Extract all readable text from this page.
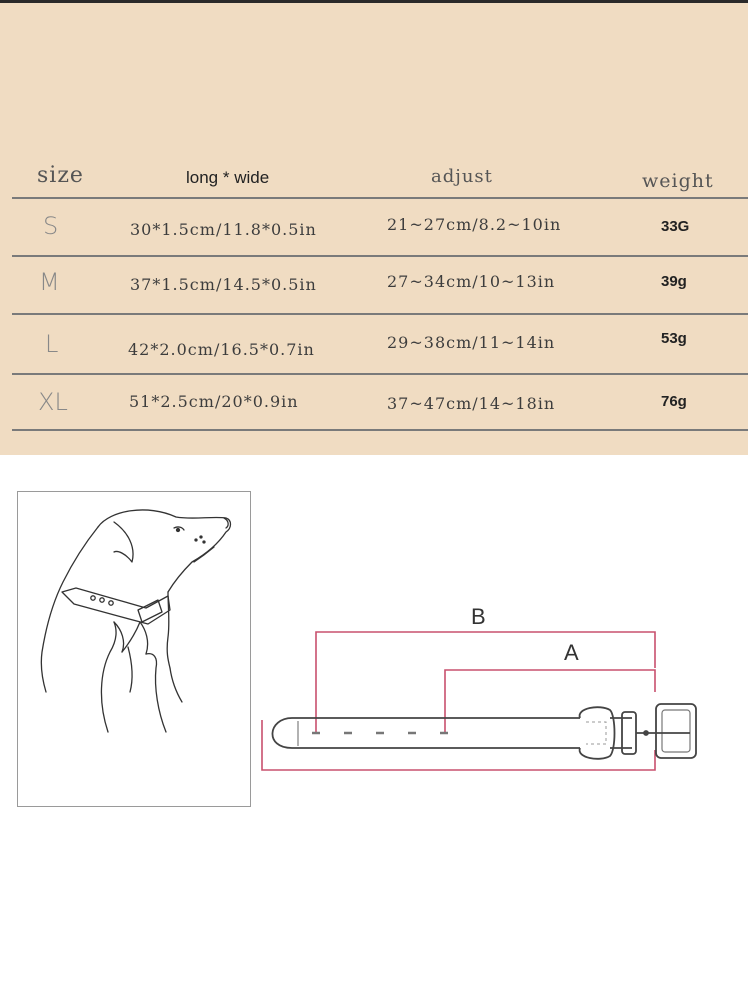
size	long * wide	adjust	weight
S	30*1.5cm/11.8*0.5in	21~27cm/8.2~10in	33G
M	37*1.5cm/14.5*0.5in	27~34cm/10~13in	39g
L	42*2.0cm/16.5*0.7in	29~38cm/11~14in	53g
XL	51*2.5cm/20*0.9in	37~47cm/14~18in	76g
B
A
